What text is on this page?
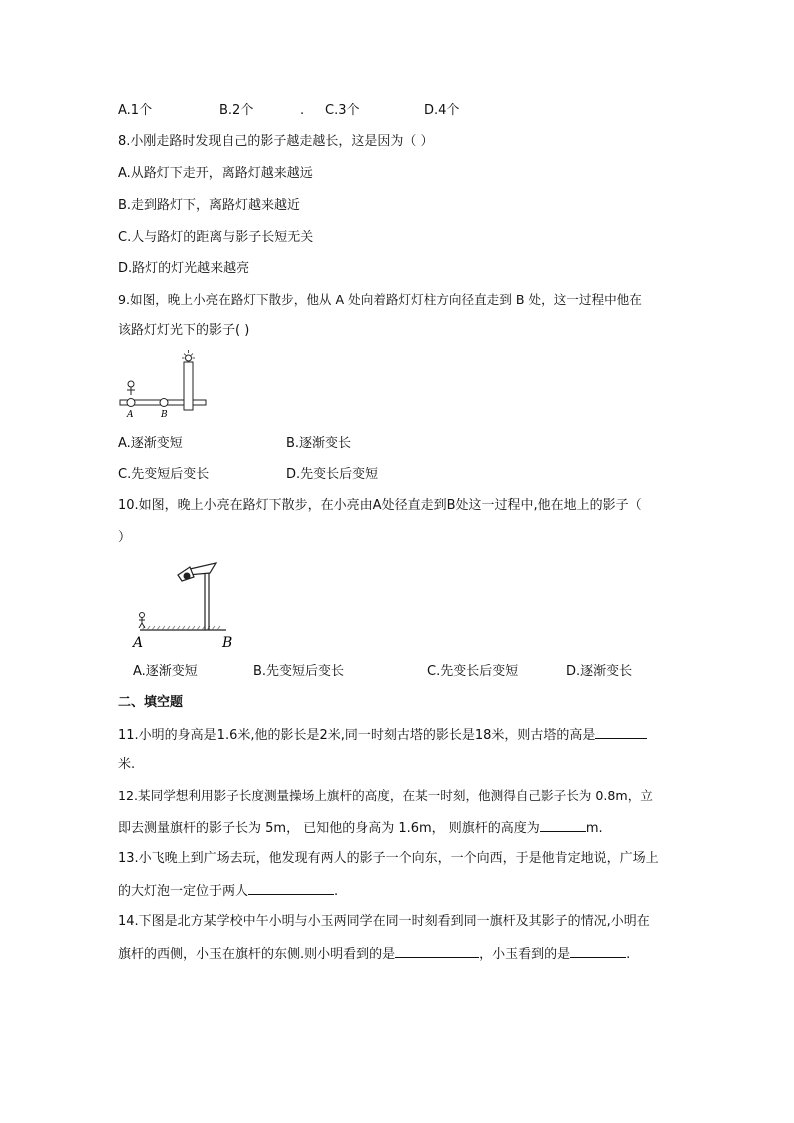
A.1个	B.2个	. C.3个	D.4个
8.小刚走路时发现自己的影子越走越长，这是因为（ ）
A.从路灯下走开，离路灯越来越远
B.走到路灯下，离路灯越来越近
C.人与路灯的距离与影子长短无关
D.路灯的灯光越来越亮
9.如图，晚上小亮在路灯下散步，他从 A 处向着路灯灯柱方向径直走到 B 处，这一过程中他在
该路灯灯光下的影子( )
A	B
A.逐渐变短	B.逐渐变长
C.先变短后变长	D.先变长后变短
10.如图，晚上小亮在路灯下散步，在小亮由A处径直走到B处这一过程中,他在地上的影子（
）
A	B
A.逐渐变短	B.先变短后变长	C.先变长后变短	D.逐渐变长
二、填空题
11.小明的身高是1.6米,他的影长是2米,同一时刻古塔的影长是18米，则古塔的高是
米.
12.某同学想利用影子长度测量操场上旗杆的高度，在某一时刻，他测得自己影子长为 0.8m，立
即去测量旗杆的影子长为 5m， 已知他的身高为 1.6m， 则旗杆的高度为	m.
13.小飞晚上到广场去玩，他发现有两人的影子一个向东，一个向西，于是他肯定地说，广场上
的大灯泡一定位于两人	.
14.下图是北方某学校中午小明与小玉两同学在同一时刻看到同一旗杆及其影子的情况,小明在
旗杆的西侧，小玉在旗杆的东侧.则小明看到的是	，小玉看到的是	.
